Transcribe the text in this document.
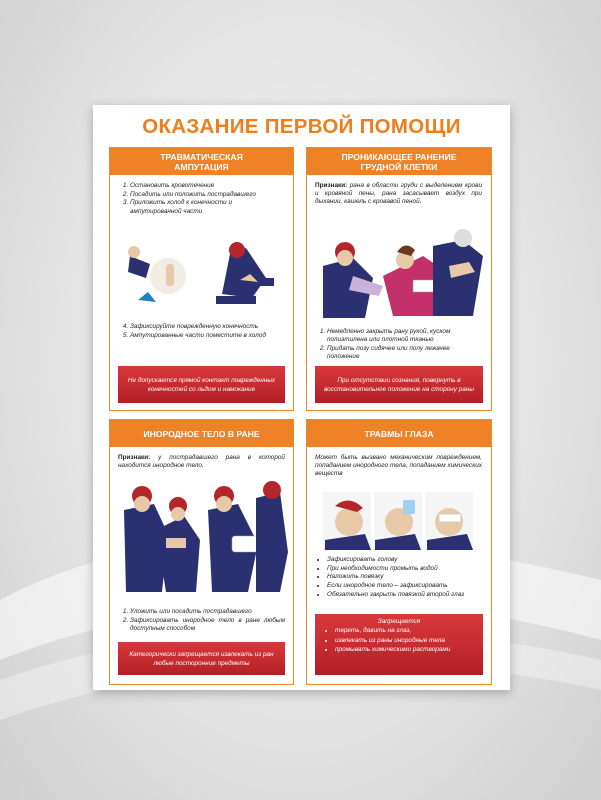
ОКАЗАНИЕ ПЕРВОЙ ПОМОЩИ
ТРАВМАТИЧЕСКАЯ
АМПУТАЦИЯ
1. Остановить кровотечение
2. Посадить или положить пострадавшего
3. Приложить холод к конечности и ампутированной части
4. Зафиксируйте поврежденную конечность
5. Ампутированные части поместите в холод
Не допускается прямой контакт поврежденных конечностей со льдом и намокание
ПРОНИКАЮЩЕЕ РАНЕНИЕ
ГРУДНОЙ КЛЕТКИ
Признаки: рана в области груди с выделением крови и кровяной пены, рана засасывает воздух при дыхании, кашель с кровавой пеной.
1. Немедленно закрыть рану рукой, куском полиэтилена или плотной тканью
2. Придать позу сидячее или полу лежачее положение
При отсутствии сознания, повернуть в восстановительное положение на сторону раны
ИНОРОДНОЕ ТЕЛО В РАНЕ
Признаки: у пострадавшего рана в которой находится инородное тело.
1. Уложить или посадить пострадавшего
2. Зафиксировать инородное тело в ране любым доступным способом
Категорически запрещается извлекать из ран любые посторонние предметы
ТРАВМЫ ГЛАЗА
Может быть вызвано механическим повреждением, попаданием инородного тела, попаданием химических веществ
• Зафиксировать голову
• При необходимости промыть водой
• Наложить повязку
• Если инородное тело – зафиксировать
• Обязательно закрыть повязкой второй глаз
Запрещается
• тереть, давить на глаз,
• извлекать из раны инородные тела
• промывать химическими растворами
